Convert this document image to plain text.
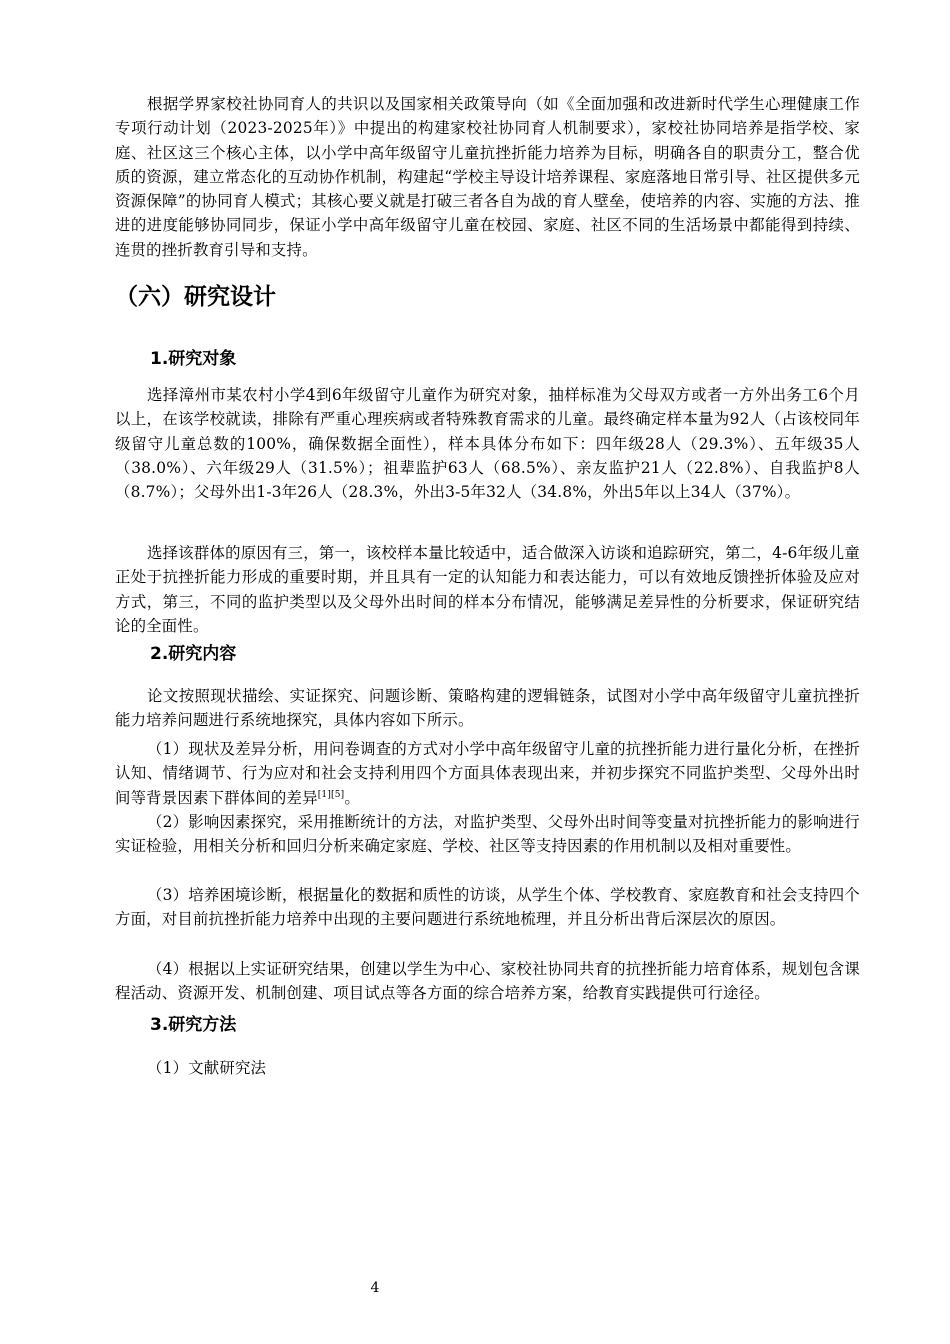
根据学界家校社协同育人的共识以及国家相关政策导向（如《全面加强和改进新时代学生心理健康工作专项行动计划（2023-2025年）》中提出的构建家校社协同育人机制要求），家校社协同培养是指学校、家庭、社区这三个核心主体，以小学中高年级留守儿童抗挫折能力培养为目标，明确各自的职责分工，整合优质的资源，建立常态化的互动协作机制，构建起“学校主导设计培养课程、家庭落地日常引导、社区提供多元资源保障”的协同育人模式；其核心要义就是打破三者各自为战的育人壁垒，使培养的内容、实施的方法、推进的进度能够协同同步，保证小学中高年级留守儿童在校园、家庭、社区不同的生活场景中都能得到持续、连贯的挫折教育引导和支持。

（六）研究设计
1.研究对象

选择漳州市某农村小学4到6年级留守儿童作为研究对象，抽样标准为父母双方或者一方外出务工6个月以上，在该学校就读，排除有严重心理疾病或者特殊教育需求的儿童。最终确定样本量为92人（占该校同年级留守儿童总数的100%，确保数据全面性），样本具体分布如下：四年级28人（29.3%）、五年级35人（38.0%）、六年级29人（31.5%）；祖辈监护63人（68.5%）、亲友监护21人（22.8%）、自我监护8人（8.7%）；父母外出1-3年26人（28.3%，外出3-5年32人（34.8%，外出5年以上34人（37%）。

选择该群体的原因有三，第一，该校样本量比较适中，适合做深入访谈和追踪研究，第二，4-6年级儿童正处于抗挫折能力形成的重要时期，并且具有一定的认知能力和表达能力，可以有效地反馈挫折体验及应对方式，第三，不同的监护类型以及父母外出时间的样本分布情况，能够满足差异性的分析要求，保证研究结论的全面性。

2.研究内容

论文按照现状描绘、实证探究、问题诊断、策略构建的逻辑链条，试图对小学中高年级留守儿童抗挫折能力培养问题进行系统地探究，具体内容如下所示。

（1）现状及差异分析，用问卷调查的方式对小学中高年级留守儿童的抗挫折能力进行量化分析，在挫折认知、情绪调节、行为应对和社会支持利用四个方面具体表现出来，并初步探究不同监护类型、父母外出时间等背景因素下群体间的差异[1][5]。

（2）影响因素探究，采用推断统计的方法，对监护类型、父母外出时间等变量对抗挫折能力的影响进行实证检验，用相关分析和回归分析来确定家庭、学校、社区等支持因素的作用机制以及相对重要性。

（3）培养困境诊断，根据量化的数据和质性的访谈，从学生个体、学校教育、家庭教育和社会支持四个方面，对目前抗挫折能力培养中出现的主要问题进行系统地梳理，并且分析出背后深层次的原因。

（4）根据以上实证研究结果，创建以学生为中心、家校社协同共育的抗挫折能力培育体系，规划包含课程活动、资源开发、机制创建、项目试点等各方面的综合培养方案，给教育实践提供可行途径。

3.研究方法

（1）文献研究法

4
